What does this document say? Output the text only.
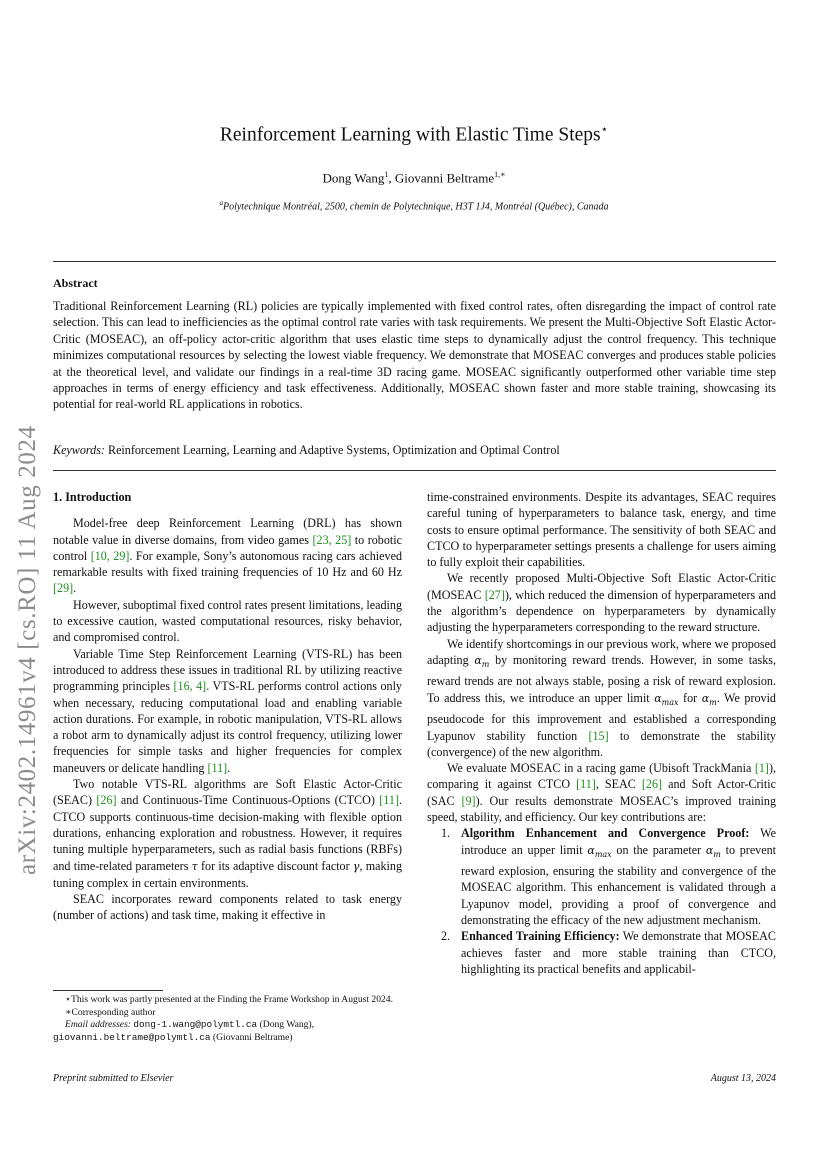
arXiv:2402.14961v4 [cs.RO] 11 Aug 2024
Reinforcement Learning with Elastic Time Steps⋆
Dong Wang$^1$, Giovanni Beltrame$^{1,∗}$
$^a$Polytechnique Montréal, 2500, chemin de Polytechnique, H3T 1J4, Montréal (Québec), Canada
Abstract
Traditional Reinforcement Learning (RL) policies are typically implemented with fixed control rates, often disregarding the impact of control rate selection. This can lead to inefficiencies as the optimal control rate varies with task requirements. We present the Multi-Objective Soft Elastic Actor-Critic (MOSEAC), an off-policy actor-critic algorithm that uses elastic time steps to dynamically adjust the control frequency. This technique minimizes computational resources by selecting the lowest viable frequency. We demonstrate that MOSEAC converges and produces stable policies at the theoretical level, and validate our findings in a real-time 3D racing game. MOSEAC significantly outperformed other variable time step approaches in terms of energy efficiency and task effectiveness. Additionally, MOSEAC shown faster and more stable training, showcasing its potential for real-world RL applications in robotics.
Keywords: Reinforcement Learning, Learning and Adaptive Systems, Optimization and Optimal Control
1. Introduction

Model-free deep Reinforcement Learning (DRL) has shown notable value in diverse domains, from video games [23, 25] to robotic control [10, 29]. For example, Sony’s autonomous racing cars achieved remarkable results with fixed training frequencies of 10 Hz and 60 Hz [29].

However, suboptimal fixed control rates present limitations, leading to excessive caution, wasted computational resources, risky behavior, and compromised control.

Variable Time Step Reinforcement Learning (VTS-RL) has been introduced to address these issues in traditional RL by utilizing reactive programming principles [16, 4]. VTS-RL performs control actions only when necessary, reducing computational load and enabling variable action durations. For example, in robotic manipulation, VTS-RL allows a robot arm to dynamically adjust its control frequency, utilizing lower frequencies for simple tasks and higher frequencies for complex maneuvers or delicate handling [11].

Two notable VTS-RL algorithms are Soft Elastic Actor-Critic (SEAC) [26] and Continuous-Time Continuous-Options (CTCO) [11]. CTCO supports continuous-time decision-making with flexible option durations, enhancing exploration and robustness. However, it requires tuning multiple hyperparameters, such as radial basis functions (RBFs) and time-related parameters τ for its adaptive discount factor γ, making tuning complex in certain environments.

SEAC incorporates reward components related to task energy (number of actions) and task time, making it effective in

time-constrained environments. Despite its advantages, SEAC requires careful tuning of hyperparameters to balance task, energy, and time costs to ensure optimal performance. The sensitivity of both SEAC and CTCO to hyperparameter settings presents a challenge for users aiming to fully exploit their capabilities.

We recently proposed Multi-Objective Soft Elastic Actor-Critic (MOSEAC [27]), which reduced the dimension of hyperparameters and the algorithm’s dependence on hyperparameters by dynamically adjusting the hyperparameters corresponding to the reward structure.

We identify shortcomings in our previous work, where we proposed adapting $\alpha_m$ by monitoring reward trends. However, in some tasks, reward trends are not always stable, posing a risk of reward explosion. To address this, we introduce an upper limit $\alpha_{max}$ for $\alpha_m$. We provid pseudocode for this improvement and established a corresponding Lyapunov stability function [15] to demonstrate the stability (convergence) of the new algorithm.

We evaluate MOSEAC in a racing game (Ubisoft TrackMania [1]), comparing it against CTCO [11], SEAC [26] and Soft Actor-Critic (SAC [9]). Our results demonstrate MOSEAC’s improved training speed, stability, and efficiency. Our key contributions are:

1. Algorithm Enhancement and Convergence Proof: We introduce an upper limit $\alpha_{max}$ on the parameter $\alpha_m$ to prevent reward explosion, ensuring the stability and convergence of the MOSEAC algorithm. This enhancement is validated through a Lyapunov model, providing a proof of convergence and demonstrating the efficacy of the new adjustment mechanism.
2. Enhanced Training Efficiency: We demonstrate that MOSEAC achieves faster and more stable training than CTCO, highlighting its practical benefits and applicabil-

⋆This work was partly presented at the Finding the Frame Workshop in August 2024.

∗Corresponding author

Email addresses: dong-1.wang@polymtl.ca (Dong Wang),
giovanni.beltrame@polymtl.ca (Giovanni Beltrame)

Preprint submitted to Elsevier	August 13, 2024
